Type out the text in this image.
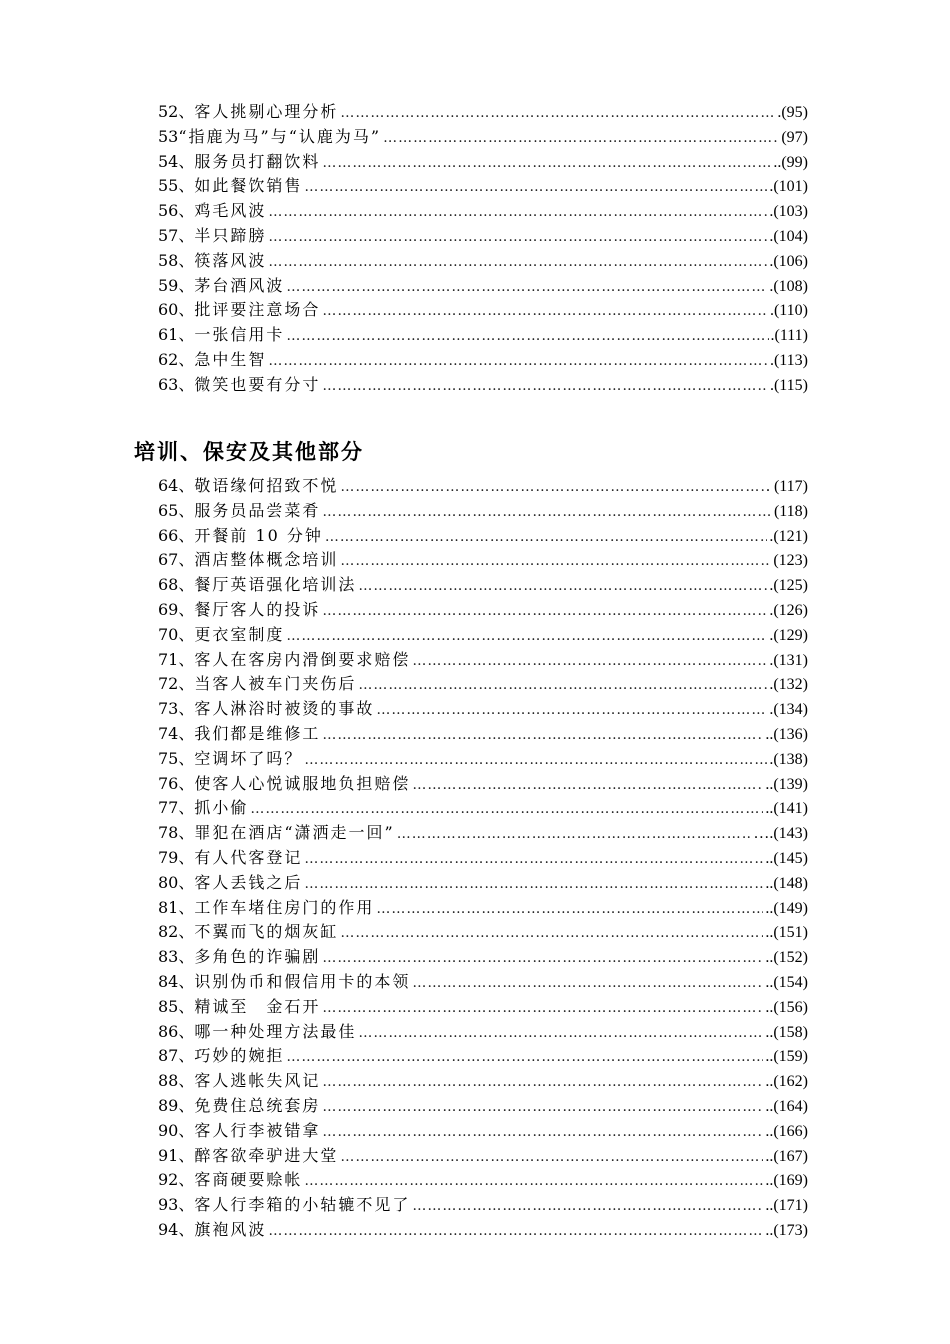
52、 客人挑剔心理分析 …………………………………………………………………………………………………………………………………………………………	.(95)
53 “指鹿为马”与“认鹿为马” …………………………………………………………………………………………………………………………………………………………	(97)
54、 服务员打翻饮料 …………………………………………………………………………………………………………………………………………………………	..(99)
55、 如此餐饮销售 …………………………………………………………………………………………………………………………………………………………	.(101)
56、 鸡毛风波 …………………………………………………………………………………………………………………………………………………………	.(103)
57、 半只蹄膀 …………………………………………………………………………………………………………………………………………………………	.(104)
58、 筷落风波 …………………………………………………………………………………………………………………………………………………………	.(106)
59、 茅台酒风波 …………………………………………………………………………………………………………………………………………………………	.(108)
60、 批评要注意场合 …………………………………………………………………………………………………………………………………………………………	.(110)
61、 一张信用卡 …………………………………………………………………………………………………………………………………………………………	.(111)
62、 急中生智 …………………………………………………………………………………………………………………………………………………………	.(113)
63、 微笑也要有分寸 …………………………………………………………………………………………………………………………………………………………	.(115)
培训、保安及其他部分
64、 敬语缘何招致不悦 …………………………………………………………………………………………………………………………………………………………	. (117)
65、 服务员品尝菜肴 …………………………………………………………………………………………………………………………………………………………	(118)
66、 开餐前 10 分钟 …………………………………………………………………………………………………………………………………………………………	.(121)
67、 酒店整体概念培训 …………………………………………………………………………………………………………………………………………………………	(123)
68、 餐厅英语强化培训法 …………………………………………………………………………………………………………………………………………………………	.(125)
69、 餐厅客人的投诉 …………………………………………………………………………………………………………………………………………………………	.(126)
70、 更衣室制度 …………………………………………………………………………………………………………………………………………………………	.(129)
71、 客人在客房内滑倒要求赔偿 …………………………………………………………………………………………………………………………………………………………	.(131)
72、 当客人被车门夹伤后 …………………………………………………………………………………………………………………………………………………………	.(132)
73、 客人淋浴时被烫的事故 …………………………………………………………………………………………………………………………………………………………	.(134)
74、 我们都是维修工 …………………………………………………………………………………………………………………………………………………………	..(136)
75、 空调坏了吗？ …………………………………………………………………………………………………………………………………………………………	.(138)
76、 使客人心悦诚服地负担赔偿 …………………………………………………………………………………………………………………………………………………………	..(139)
77、 抓小偷 …………………………………………………………………………………………………………………………………………………………	..(141)
78、 罪犯在酒店“潇洒走一回” …………………………………………………………………………………………………………………………………………………………	….(143)
79、 有人代客登记 …………………………………………………………………………………………………………………………………………………………	..(145)
80、 客人丢钱之后 …………………………………………………………………………………………………………………………………………………………	..(148)
81、 工作车堵住房门的作用 …………………………………………………………………………………………………………………………………………………………	..(149)
82、 不翼而飞的烟灰缸 …………………………………………………………………………………………………………………………………………………………	..(151)
83、 多角色的诈骗剧 …………………………………………………………………………………………………………………………………………………………	..(152)
84、 识别伪币和假信用卡的本领 …………………………………………………………………………………………………………………………………………………………	..(154)
85、 精诚至　金石开 …………………………………………………………………………………………………………………………………………………………	..(156)
86、 哪一种处理方法最佳 …………………………………………………………………………………………………………………………………………………………	..(158)
87、 巧妙的婉拒 …………………………………………………………………………………………………………………………………………………………	..(159)
88、 客人逃帐失风记 …………………………………………………………………………………………………………………………………………………………	..(162)
89、 免费住总统套房 …………………………………………………………………………………………………………………………………………………………	..(164)
90、 客人行李被错拿 …………………………………………………………………………………………………………………………………………………………	..(166)
91、 醉客欲牵驴进大堂 …………………………………………………………………………………………………………………………………………………………	..(167)
92、 客商硬要赊帐 …………………………………………………………………………………………………………………………………………………………	..(169)
93、 客人行李箱的小轱辘不见了 …………………………………………………………………………………………………………………………………………………………	..(171)
94、 旗袍风波 …………………………………………………………………………………………………………………………………………………………	..(173)
